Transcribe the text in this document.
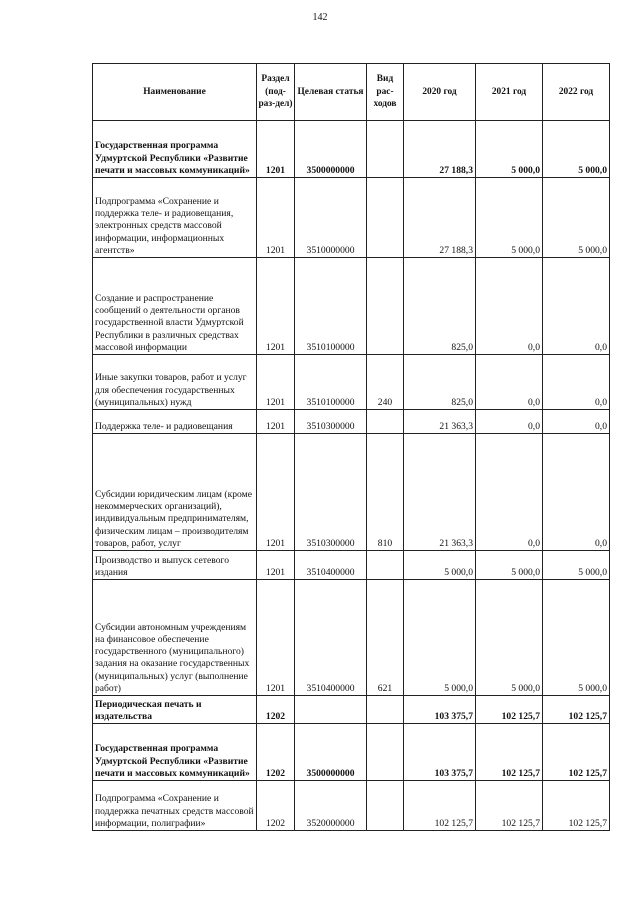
142
Наименование	Раздел (под-раз-дел)	Целевая статья	Вид рас-ходов	2020 год	2021 год	2022 год
Государственная программа Удмуртской Республики «Развитие печати и массовых коммуникаций»	1201	3500000000		27 188,3	5 000,0	5 000,0
Подпрограмма «Сохранение и поддержка теле- и радиовещания, электронных средств массовой информации, информационных агентств»	1201	3510000000		27 188,3	5 000,0	5 000,0
Создание и распространение сообщений о деятельности органов государственной власти Удмуртской Республики в различных средствах массовой информации	1201	3510100000		825,0	0,0	0,0
Иные закупки товаров, работ и услуг для обеспечения государственных (муниципальных) нужд	1201	3510100000	240	825,0	0,0	0,0
Поддержка теле- и радиовещания	1201	3510300000		21 363,3	0,0	0,0
Субсидии юридическим лицам (кроме некоммерческих организаций), индивидуальным предпринимателям, физическим лицам – производителям товаров, работ, услуг	1201	3510300000	810	21 363,3	0,0	0,0
Производство и выпуск сетевого издания	1201	3510400000		5 000,0	5 000,0	5 000,0
Субсидии автономным учреждениям на финансовое обеспечение государственного (муниципального) задания на оказание государственных (муниципальных) услуг (выполнение работ)	1201	3510400000	621	5 000,0	5 000,0	5 000,0
Периодическая печать и издательства	1202			103 375,7	102 125,7	102 125,7
Государственная программа Удмуртской Республики «Развитие печати и массовых коммуникаций»	1202	3500000000		103 375,7	102 125,7	102 125,7
Подпрограмма «Сохранение и поддержка печатных средств массовой информации, полиграфии»	1202	3520000000		102 125,7	102 125,7	102 125,7
